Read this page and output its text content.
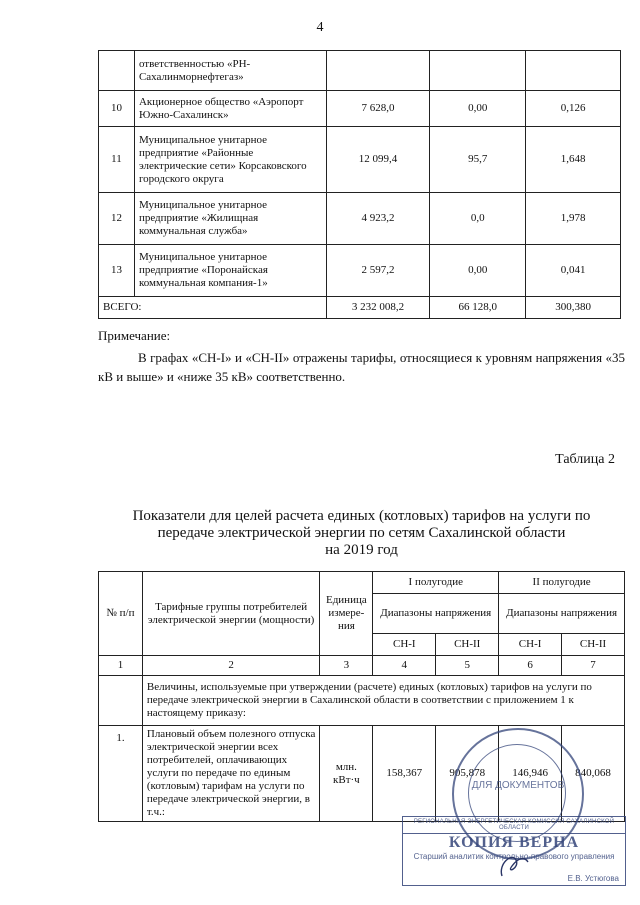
4
	ответственностью «РН-Сахалинморнефтегаз»			
10	Акционерное общество «Аэропорт Южно-Сахалинск»	7 628,0	0,00	0,126
11	Муниципальное унитарное предприятие «Районные электрические сети» Корсаковского городского округа	12 099,4	95,7	1,648
12	Муниципальное унитарное предприятие «Жилищная коммунальная служба»	4 923,2	0,0	1,978
13	Муниципальное унитарное предприятие «Поронайская коммунальная компания-1»	2 597,2	0,00	0,041
ВСЕГО:		3 232 008,2	66 128,0	300,380
Примечание:
В графах «СН-I» и «СН-II» отражены тарифы, относящиеся к уровням напряжения «35 кВ и выше» и «ниже 35 кВ» соответственно.
Таблица 2
Показатели для целей расчета единых (котловых) тарифов на услуги по
передаче электрической энергии по сетям Сахалинской области
на 2019 год
№ п/п	Тарифные группы потребителей электрической энергии (мощности)	Единица измере-ния	I полугодие		II полугодие	
			Диапазоны напряжения		Диапазоны напряжения	
			СН-I	СН-II	СН-I	СН-II
1	2	3	4	5	6	7
	Величины, используемые при утверждении (расчете) единых (котловых) тарифов на услуги по передаче электрической энергии в Сахалинской области в соответствии с приложением 1 к настоящему приказу:					
1.	Плановый объем полезного отпуска электрической энергии всех потребителей, оплачивающих услуги по передаче по единым (котловым) тарифам на услуги по передаче электрической энергии, в т.ч.:	млн. кВт·ч	158,367	905,878	146,946	840,068
ДЛЯ ДОКУМЕНТОВ
РЕГИОНАЛЬНАЯ ЭНЕРГЕТИЧЕСКАЯ КОМИССИЯ САХАЛИНСКОЙ ОБЛАСТИ
КОПИЯ ВЕРНА
Старший аналитик контрольно-правового управления
Е.В. Устюгова
